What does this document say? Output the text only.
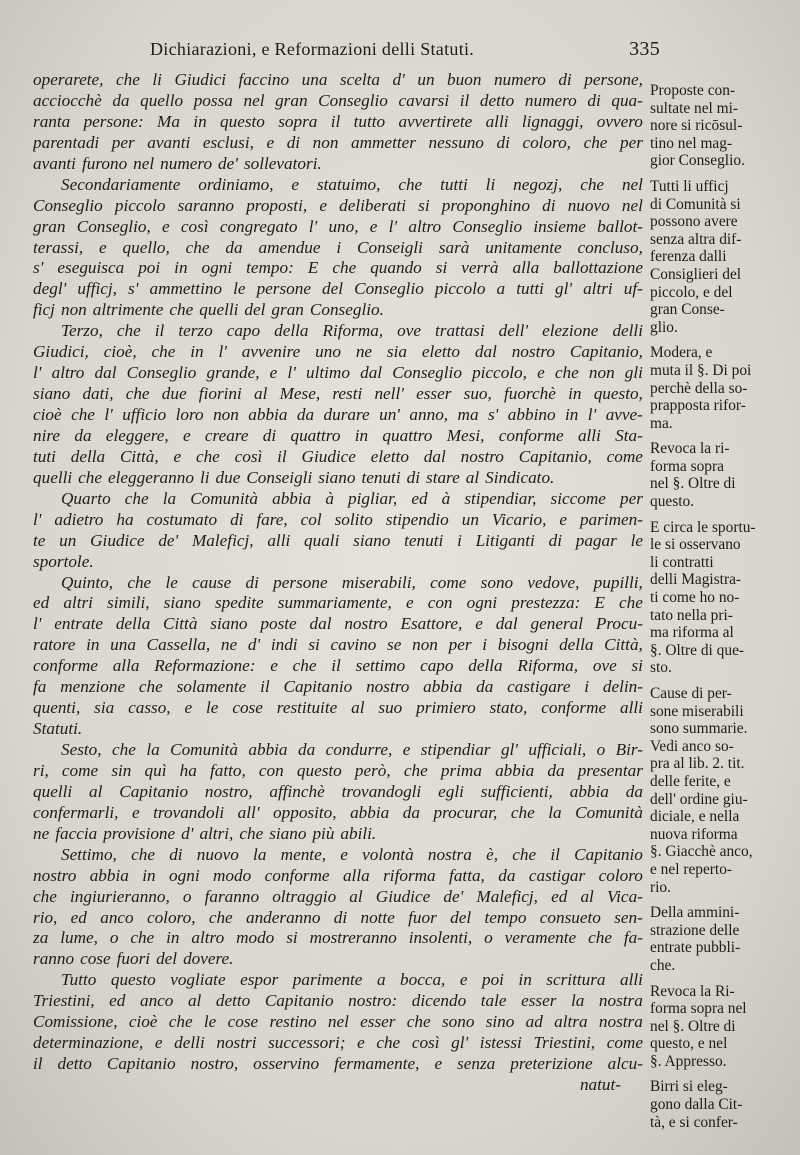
Dichiarazioni, e Reformazioni delli Statuti.	335
operarete, che li Giudici faccino una scelta d' un buon numero di persone,
acciocchè da quello possa nel gran Conseglio cavarsi il detto numero di qua-
ranta persone: Ma in questo sopra il tutto avvertirete alli lignaggi, ovvero
parentadi per avanti esclusi, e di non ammetter nessuno di coloro, che per
avanti furono nel numero de' sollevatori.
Secondariamente ordiniamo, e statuimo, che tutti li negozj, che nel
Conseglio piccolo saranno proposti, e deliberati si proponghino di nuovo nel
gran Conseglio, e così congregato l' uno, e l' altro Conseglio insieme ballot-
terassi, e quello, che da amendue i Conseigli sarà unitamente concluso,
s' eseguisca poi in ogni tempo: E che quando si verrà alla ballottazione
degl' ufficj, s' ammettino le persone del Conseglio piccolo a tutti gl' altri uf-
ficj non altrimente che quelli del gran Conseglio.
Terzo, che il terzo capo della Riforma, ove trattasi dell' elezione delli
Giudici, cioè, che in l' avvenire uno ne sia eletto dal nostro Capitanio,
l' altro dal Conseglio grande, e l' ultimo dal Conseglio piccolo, e che non gli
siano dati, che due fiorini al Mese, resti nell' esser suo, fuorchè in questo,
cioè che l' ufficio loro non abbia da durare un' anno, ma s' abbino in l' avve-
nire da eleggere, e creare di quattro in quattro Mesi, conforme alli Sta-
tuti della Città, e che così il Giudice eletto dal nostro Capitanio, come
quelli che eleggeranno li due Conseigli siano tenuti di stare al Sindicato.
Quarto che la Comunità abbia à pigliar, ed à stipendiar, siccome per
l' adietro ha costumato di fare, col solito stipendio un Vicario, e parimen-
te un Giudice de' Maleficj, alli quali siano tenuti i Litiganti di pagar le
sportole.
Quinto, che le cause di persone miserabili, come sono vedove, pupilli,
ed altri simili, siano spedite summariamente, e con ogni prestezza: E che
l' entrate della Città siano poste dal nostro Esattore, e dal general Procu-
ratore in una Cassella, ne d' indi si cavino se non per i bisogni della Città,
conforme alla Reformazione: e che il settimo capo della Riforma, ove si
fa menzione che solamente il Capitanio nostro abbia da castigare i delin-
quenti, sia casso, e le cose restituite al suo primiero stato, conforme alli
Statuti.
Sesto, che la Comunità abbia da condurre, e stipendiar gl' ufficiali, o Bir-
ri, come sin quì ha fatto, con questo però, che prima abbia da presentar
quelli al Capitanio nostro, affinchè trovandogli egli sufficienti, abbia da
confermarli, e trovandoli all' opposito, abbia da procurar, che la Comunità
ne faccia provisione d' altri, che siano più abili.
Settimo, che di nuovo la mente, e volontà nostra è, che il Capitanio
nostro abbia in ogni modo conforme alla riforma fatta, da castigar coloro
che ingiurieranno, o faranno oltraggio al Giudice de' Maleficj, ed al Vica-
rio, ed anco coloro, che anderanno di notte fuor del tempo consueto sen-
za lume, o che in altro modo si mostreranno insolenti, o veramente che fa-
ranno cose fuori del dovere.
Tutto questo vogliate espor parimente a bocca, e poi in scrittura alli
Triestini, ed anco al detto Capitanio nostro: dicendo tale esser la nostra
Comissione, cioè che le cose restino nel esser che sono sino ad altra nostra
determinazione, e delli nostri successori; e che così gl' istessi Triestini, come
il detto Capitanio nostro, osservino fermamente, e senza preterizione alcu-
na tut-
Proposte con-
sultate nel mi-
nore si ricōsul-
tino nel mag-
gior Conseglio.
Tutti li ufficj
di Comunità si
possono avere
senza altra dif-
ferenza dalli
Consiglieri del
piccolo, e del
gran Conse-
glio.
Modera, e
muta il §. Di poi
perchè della so-
prapposta rifor-
ma.
Revoca la ri-
forma sopra
nel §. Oltre di
questo.
E circa le sportu-
le si osservano
li contratti
delli Magistra-
ti come ho no-
tato nella pri-
ma riforma al
§. Oltre di que-
sto.
Cause di per-
sone miserabili
sono summarie.
Vedi anco so-
pra al lib. 2. tit.
delle ferite, e
dell' ordine giu-
diciale, e nella
nuova riforma
§. Giacchè anco,
e nel reperto-
rio.
Della ammini-
strazione delle
entrate pubbli-
che.
Revoca la Ri-
forma sopra nel
nel §. Oltre di
questo, e nel
§. Appresso.
Birri si eleg-
gono dalla Cit-
tà, e si confer-
